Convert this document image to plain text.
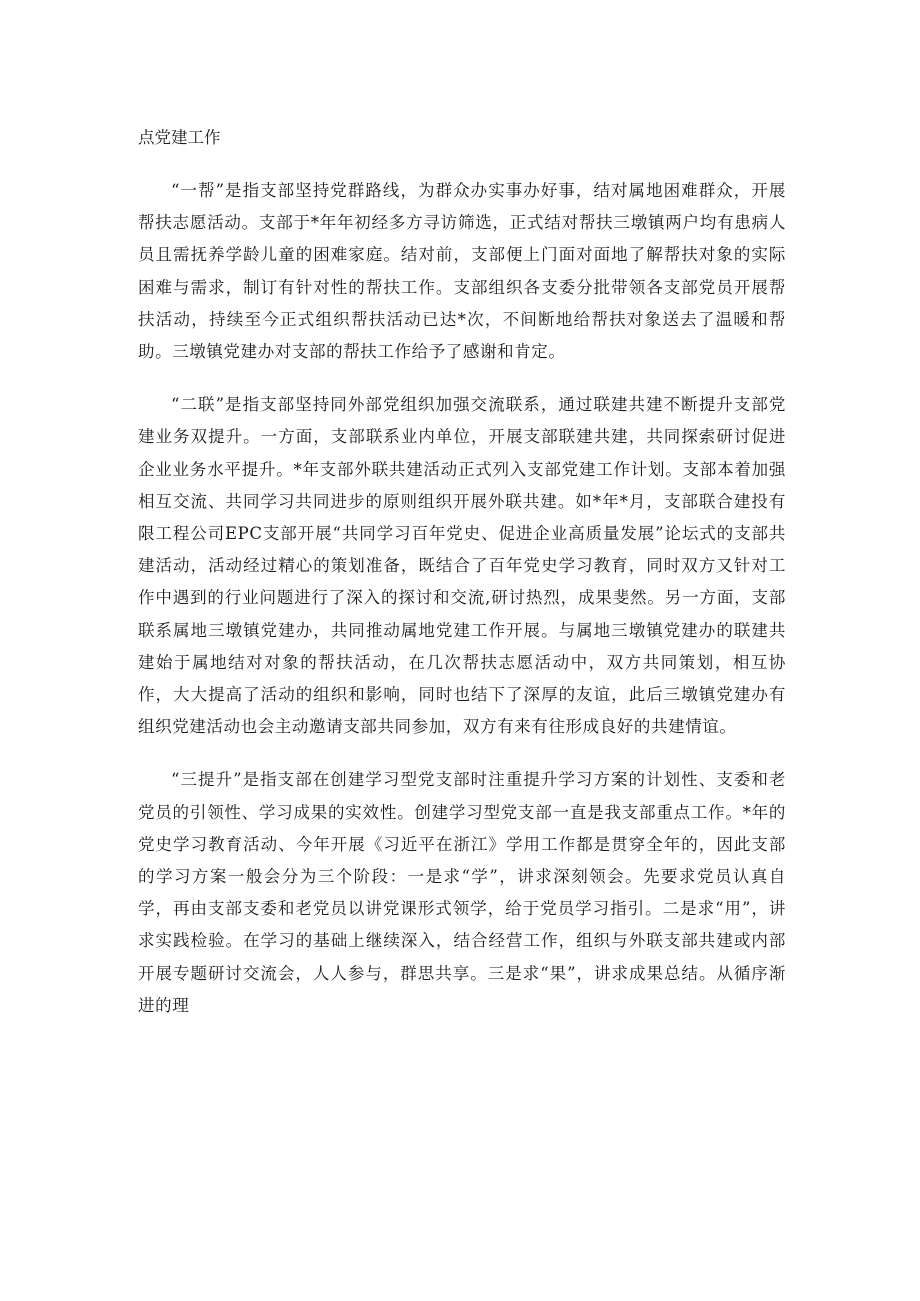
点党建工作

“一帮”是指支部坚持党群路线，为群众办实事办好事，结对属地困难群众，开展帮扶志愿活动。支部于*年年初经多方寻访筛选，正式结对帮扶三墩镇两户均有患病人员且需抚养学龄儿童的困难家庭。结对前，支部便上门面对面地了解帮扶对象的实际困难与需求，制订有针对性的帮扶工作。支部组织各支委分批带领各支部党员开展帮扶活动，持续至今正式组织帮扶活动已达*次，不间断地给帮扶对象送去了温暖和帮助。三墩镇党建办对支部的帮扶工作给予了感谢和肯定。

“二联”是指支部坚持同外部党组织加强交流联系，通过联建共建不断提升支部党建业务双提升。一方面，支部联系业内单位，开展支部联建共建，共同探索研讨促进企业业务水平提升。*年支部外联共建活动正式列入支部党建工作计划。支部本着加强相互交流、共同学习共同进步的原则组织开展外联共建。如*年*月，支部联合建投有限工程公司EPC支部开展“共同学习百年党史、促进企业高质量发展”论坛式的支部共建活动，活动经过精心的策划准备，既结合了百年党史学习教育，同时双方又针对工作中遇到的行业问题进行了深入的探讨和交流,研讨热烈，成果斐然。另一方面，支部联系属地三墩镇党建办，共同推动属地党建工作开展。与属地三墩镇党建办的联建共建始于属地结对对象的帮扶活动，在几次帮扶志愿活动中，双方共同策划，相互协作，大大提高了活动的组织和影响，同时也结下了深厚的友谊，此后三墩镇党建办有组织党建活动也会主动邀请支部共同参加，双方有来有往形成良好的共建情谊。

“三提升”是指支部在创建学习型党支部时注重提升学习方案的计划性、支委和老党员的引领性、学习成果的实效性。创建学习型党支部一直是我支部重点工作。*年的党史学习教育活动、今年开展《习近平在浙江》学用工作都是贯穿全年的，因此支部的学习方案一般会分为三个阶段：一是求“学”，讲求深刻领会。先要求党员认真自学，再由支部支委和老党员以讲党课形式领学，给于党员学习指引。二是求“用”，讲求实践检验。在学习的基础上继续深入，结合经营工作，组织与外联支部共建或内部开展专题研讨交流会，人人参与，群思共享。三是求“果”，讲求成果总结。从循序渐进的理
